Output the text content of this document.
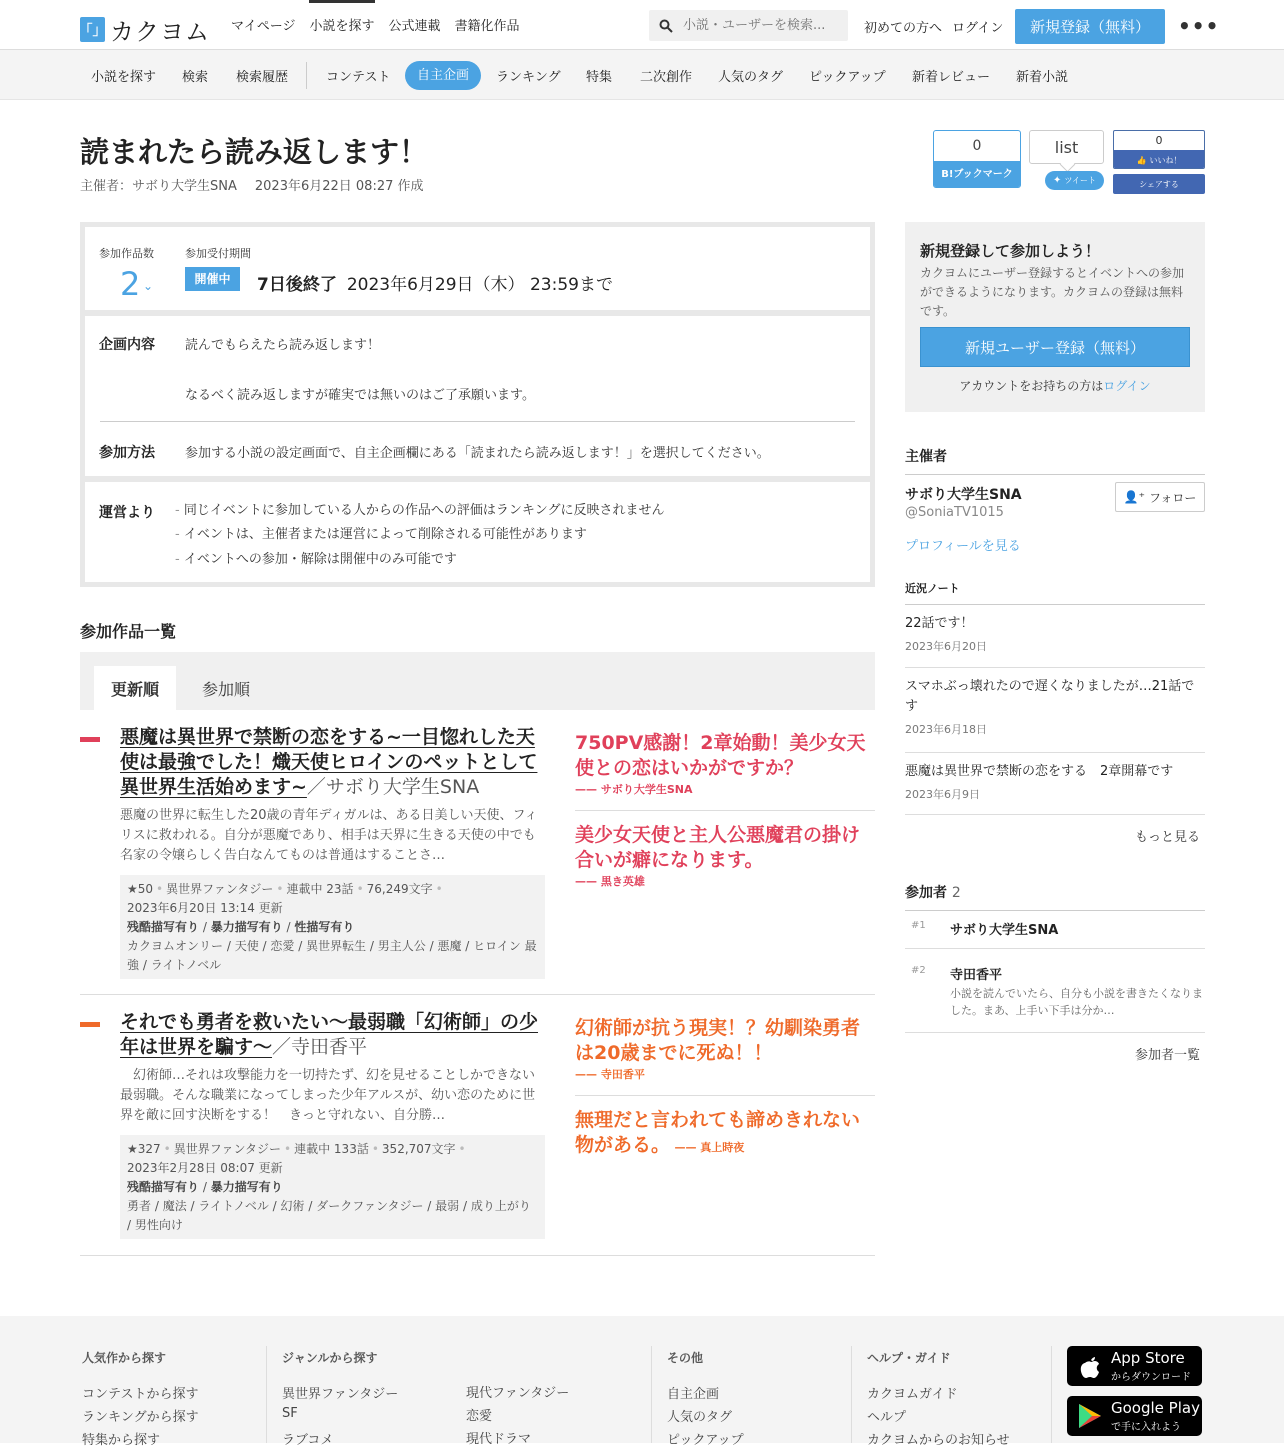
「」 カクヨム マイページ 小説を探す 公式連載 書籍化作品
小説・ユーザーを検索...	初めての方へ ログイン	新規登録（無料）	•••
小説を探す 検索 検索履歴	コンテスト	自主企画	ランキング 特集 二次創作 人気のタグ ピックアップ 新着レビュー 新着小説
読まれたら読み返します！
主催者：サボり大学生SNA 2023年6月22日 08:27 作成
0
B!ブックマーク
list
✦ ツイート
0
👍 いいね！
シェアする
参加作品数
2 ⌄
参加受付期間
開催中	7日後終了 2023年6月29日（木） 23:59まで
企画内容 読んでもらえたら読み返します！
なるべく読み返しますが確実では無いのはご了承願います。
参加方法 参加する小説の設定画面で、自主企画欄にある「読まれたら読み返します！」を選択してください。
運営より - 同じイベントに参加している人からの作品への評価はランキングに反映されません
- イベントは、主催者または運営によって削除される可能性があります
- イベントへの参加・解除は開催中のみ可能です
参加作品一覧
更新順	参加順
悪魔は異世界で禁断の恋をする~一目惚れした天使は最強でした！熾天使ヒロインのペットとして異世界生活始めます~／サボり大学生SNA
悪魔の世界に転生した20歳の青年ディガルは、ある日美しい天使、フィリスに救われる。自分が悪魔であり、相手は天界に生きる天使の中でも名家の令嬢らしく告白なんてものは普通はすることさ…
★50 • 異世界ファンタジー • 連載中 23話 • 76,249文字 •
2023年6月20日 13:14 更新
残酷描写有り / 暴力描写有り / 性描写有り
カクヨムオンリー / 天使 / 恋愛 / 異世界転生 / 男主人公 / 悪魔 / ヒロイン 最強 / ライトノベル
750PV感謝！2章始動！美少女天使との恋はいかがですか？
—— サボり大学生SNA
美少女天使と主人公悪魔君の掛け合いが癖になります。
—— 黒き英雄
それでも勇者を救いたい〜最弱職「幻術師」の少年は世界を騙す〜／寺田香平
　幻術師…それは攻撃能力を一切持たず、幻を見せることしかできない最弱職。そんな職業になってしまった少年アルスが、幼い恋のために世界を敵に回す決断をする！　きっと守れない、自分勝…
★327 • 異世界ファンタジー • 連載中 133話 • 352,707文字 •
2023年2月28日 08:07 更新
残酷描写有り / 暴力描写有り
勇者 / 魔法 / ライトノベル / 幻術 / ダークファンタジー / 最弱 / 成り上がり / 男性向け
幻術師が抗う現実！？幼馴染勇者は20歳までに死ぬ！！
—— 寺田香平
無理だと言われても諦めきれない物がある。 —— 真上時夜
新規登録して参加しよう！

カクヨムにユーザー登録するとイベントへの参加ができるようになります。カクヨムの登録は無料です。

新規ユーザー登録（無料）
アカウントをお持ちの方はログイン
主催者
サボり大学生SNA
@SoniaTV1015
👤⁺ フォロー
プロフィールを見る
近況ノート
22話です！
2023年6月20日
スマホぶっ壊れたので遅くなりましたが…21話です
2023年6月18日
悪魔は異世界で禁断の恋をする　2章開幕です
2023年6月9日
もっと見る
参加者 2
#1 サボり大学生SNA
#2 寺田香平
小説を読んでいたら、自分も小説を書きたくなりました。まあ、上手い下手は分か…
参加者一覧
人気作から探す
コンテストから探す
ランキングから探す
特集から探す
ジャンルから探す
異世界ファンタジー
SF
ラブコメ
現代ファンタジー
恋愛
現代ドラマ
その他
自主企画
人気のタグ
ピックアップ
ヘルプ・ガイド
カクヨムガイド
ヘルプ
カクヨムからのお知らせ
App Store
からダウンロード
Google Play
で手に入れよう
